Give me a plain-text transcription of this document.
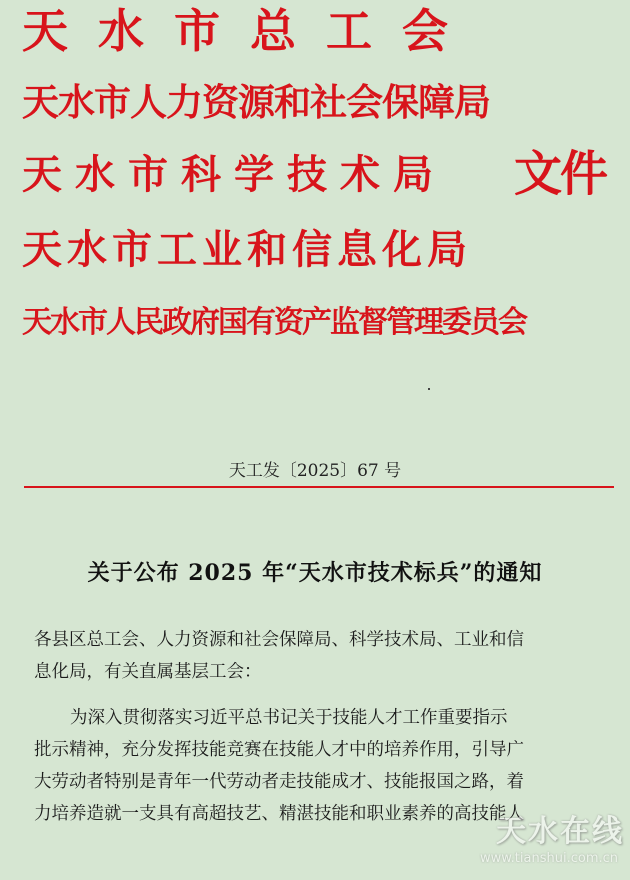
天水市总工会
天水市人力资源和社会保障局
天水市科学技术局
天水市工业和信息化局
天水市人民政府国有资产监督管理委员会
文件
天工发〔2025〕67 号
关于公布 2025 年“天水市技术标兵”的通知
各县区总工会、人力资源和社会保障局、科学技术局、工业和信
息化局，有关直属基层工会：
为深入贯彻落实习近平总书记关于技能人才工作重要指示
批示精神，充分发挥技能竞赛在技能人才中的培养作用，引导广
大劳动者特别是青年一代劳动者走技能成才、技能报国之路，着
力培养造就一支具有高超技艺、精湛技能和职业素养的高技能人
天水在线
www.tianshui.com.cn
